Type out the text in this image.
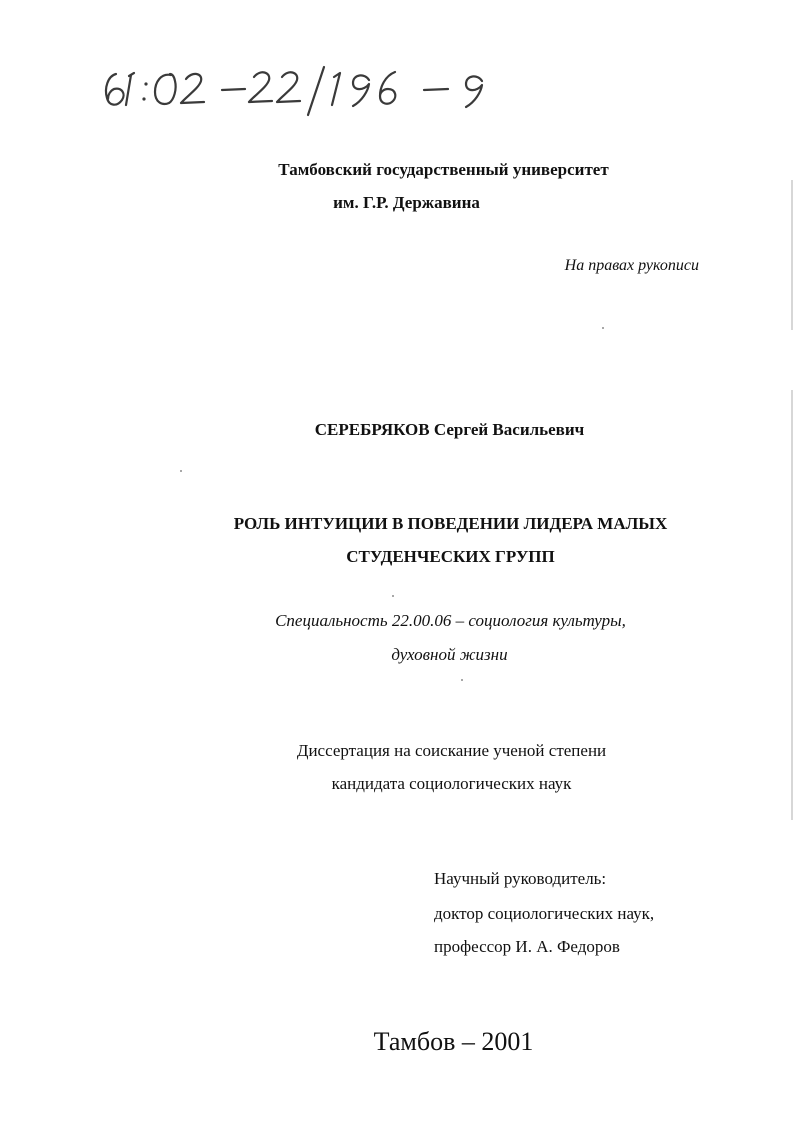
Тамбовский государственный университет
им. Г.Р. Державина
На правах рукописи
СЕРЕБРЯКОВ Сергей Васильевич
РОЛЬ ИНТУИЦИИ В ПОВЕДЕНИИ ЛИДЕРА МАЛЫХ
СТУДЕНЧЕСКИХ ГРУПП
Специальность 22.00.06 – социология культуры,
духовной жизни
Диссертация на соискание ученой степени
кандидата социологических наук
Научный руководитель:
доктор социологических наук,
профессор И. А. Федоров
Тамбов – 2001
